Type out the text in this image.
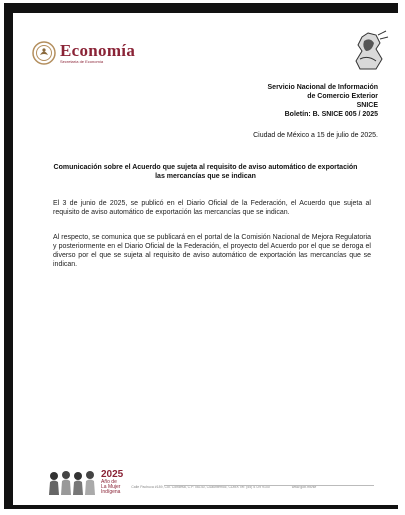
Economía
Secretaría de Economía
Servicio Nacional de Información
de Comercio Exterior
SNICE
Boletín: B. SNICE 005 / 2025
Ciudad de México a 15 de julio de 2025.
Comunicación sobre el Acuerdo que sujeta al requisito de aviso automático de exportación
las mercancías que se indican
El 3 de junio de 2025, se publicó en el Diario Oficial de la Federación, el Acuerdo que sujeta al requisito de aviso automático de exportación las mercancías que se indican.
Al respecto, se comunica que se publicará en el portal de la Comisión Nacional de Mejora Regulatoria y posteriormente en el Diario Oficial de la Federación, el proyecto del Acuerdo por el que se deroga el diverso por el que se sujeta al requisito de aviso automático de exportación las mercancías que se indican.
2025
Año de
La Mujer
Indígena
Calle Pachuca #189, Col. Condesa, C.P. 06140, Cuauhtémoc, CDMX Tel: (55) 5729 9100	www.gob.mx/se
